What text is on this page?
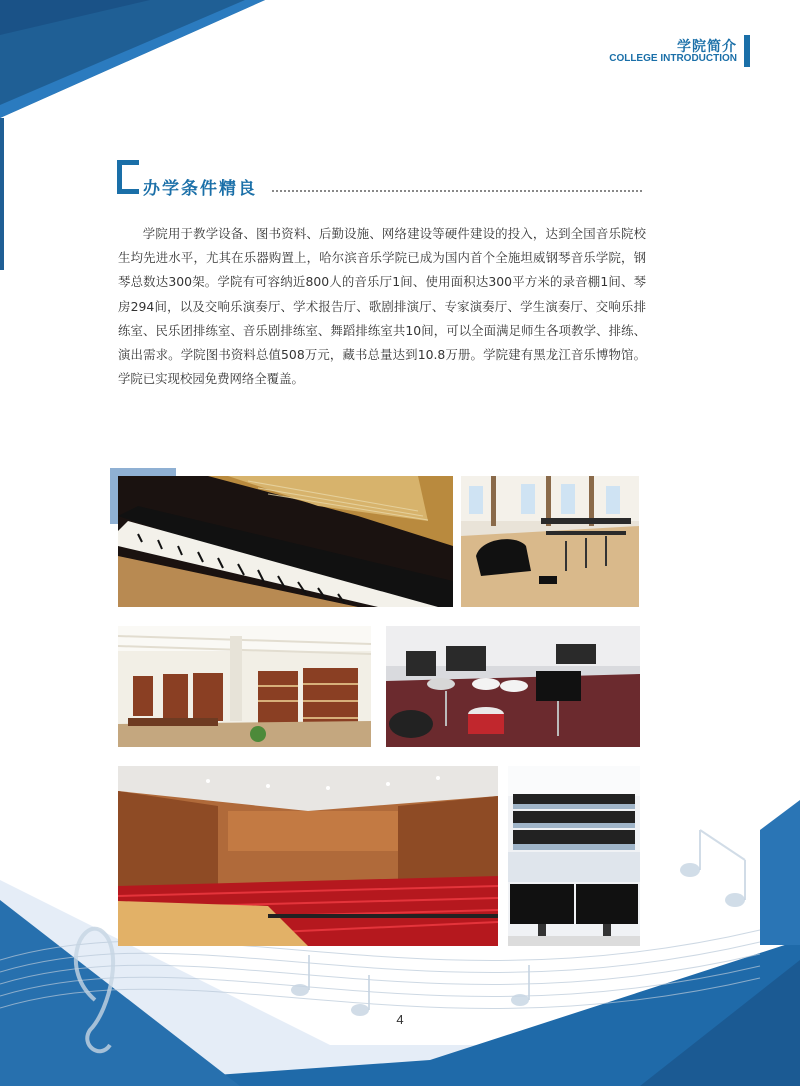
学院简介
COLLEGE INTRODUCTION
办学条件精良
学院用于教学设备、图书资料、后勤设施、网络建设等硬件建设的投入，达到全国音乐院校生均先进水平，尤其在乐器购置上，哈尔滨音乐学院已成为国内首个全施坦威钢琴音乐学院，钢琴总数达300架。学院有可容纳近800人的音乐厅1间、使用面积达300平方米的录音棚1间、琴房294间，以及交响乐演奏厅、学术报告厅、歌剧排演厅、专家演奏厅、学生演奏厅、交响乐排练室、民乐团排练室、音乐剧排练室、舞蹈排练室共10间，可以全面满足师生各项教学、排练、演出需求。学院图书资料总值508万元，藏书总量达到10.8万册。学院建有黑龙江音乐博物馆。学院已实现校园免费网络全覆盖。
4
